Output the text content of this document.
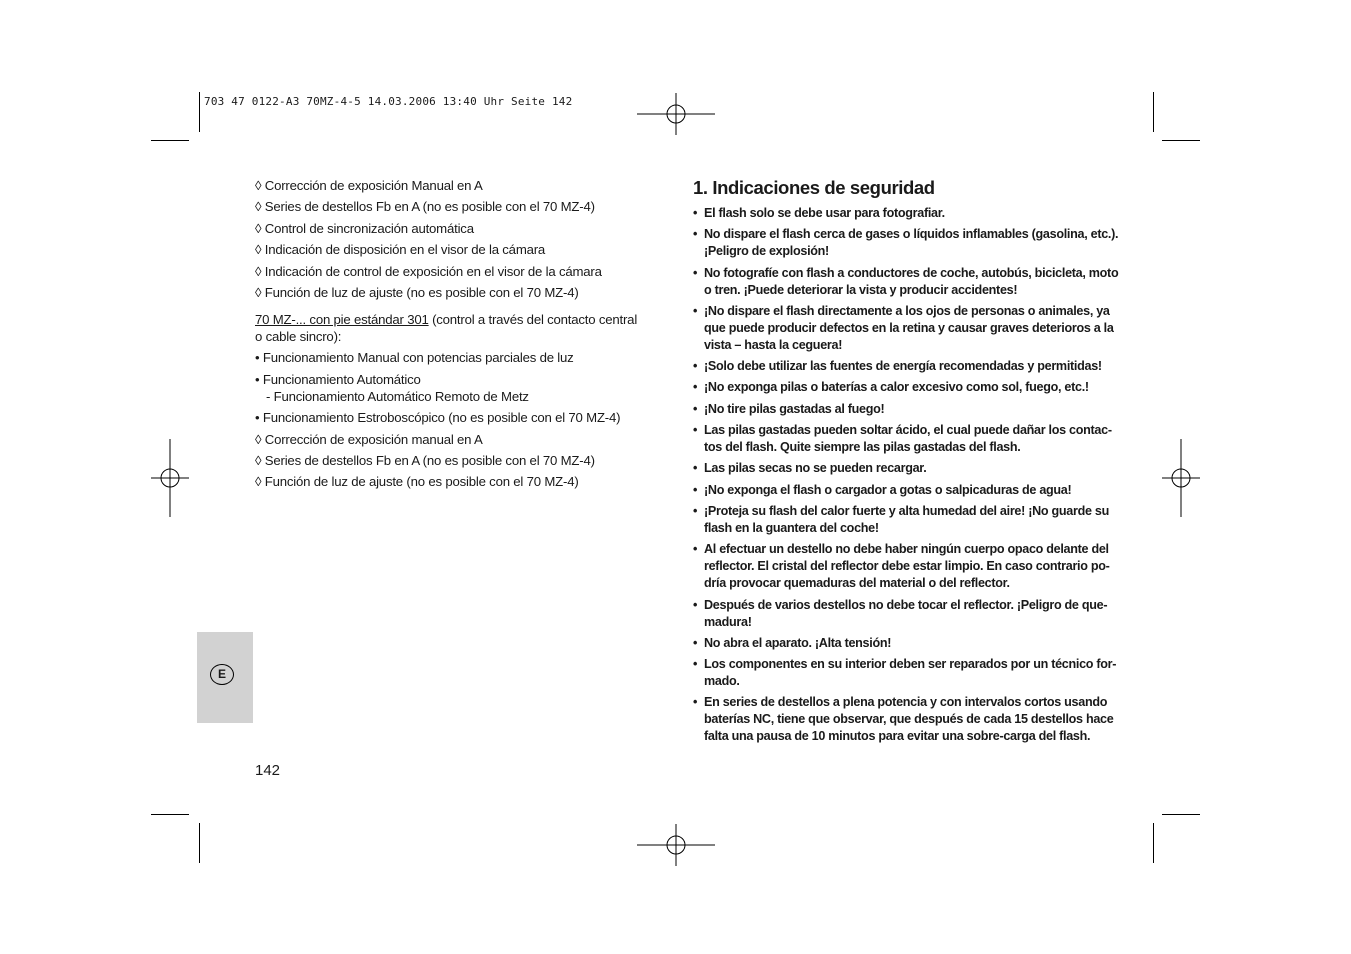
703 47 0122-A3 70MZ-4-5 14.03.2006 13:40 Uhr Seite 142
◊ Corrección de exposición Manual en A
◊ Series de destellos Fb en A (no es posible con el 70 MZ-4)
◊ Control de sincronización automática
◊ Indicación de disposición en el visor de la cámara
◊ Indicación de control de exposición en el visor de la cámara
◊ Función de luz de ajuste (no es posible con el 70 MZ-4)
70 MZ-... con pie estándar 301 (control a través del contacto central o cable sincro):
• Funcionamiento Manual con potencias parciales de luz
• Funcionamiento Automático
- Funcionamiento Automático Remoto de Metz
• Funcionamiento Estroboscópico (no es posible con el 70 MZ-4)
◊ Corrección de exposición manual en A
◊ Series de destellos Fb en A (no es posible con el 70 MZ-4)
◊ Función de luz de ajuste (no es posible con el 70 MZ-4)
E
142
1. Indicaciones de seguridad
• El flash solo se debe usar para fotografiar.
• No dispare el flash cerca de gases o líquidos inflamables (gasolina, etc.).
¡Peligro de explosión!
• No fotografíe con flash a conductores de coche, autobús, bicicleta, moto
o tren. ¡Puede deteriorar la vista y producir accidentes!
• ¡No dispare el flash directamente a los ojos de personas o animales, ya
que puede producir defectos en la retina y causar graves deterioros a la
vista – hasta la ceguera!
• ¡Solo debe utilizar las fuentes de energía recomendadas y permitidas!
• ¡No exponga pilas o baterías a calor excesivo como sol, fuego, etc.!
• ¡No tire pilas gastadas al fuego!
• Las pilas gastadas pueden soltar ácido, el cual puede dañar los contac-
tos del flash. Quite siempre las pilas gastadas del flash.
• Las pilas secas no se pueden recargar.
• ¡No exponga el flash o cargador a gotas o salpicaduras de agua!
• ¡Proteja su flash del calor fuerte y alta humedad del aire! ¡No guarde su
flash en la guantera del coche!
• Al efectuar un destello no debe haber ningún cuerpo opaco delante del
reflector. El cristal del reflector debe estar limpio. En caso contrario po-
dría provocar quemaduras del material o del reflector.
• Después de varios destellos no debe tocar el reflector. ¡Peligro de que-
madura!
• No abra el aparato. ¡Alta tensión!
• Los componentes en su interior deben ser reparados por un técnico for-
mado.
• En series de destellos a plena potencia y con intervalos cortos usando
baterías NC, tiene que observar, que después de cada 15 destellos hace
falta una pausa de 10 minutos para evitar una sobre-carga del flash.
